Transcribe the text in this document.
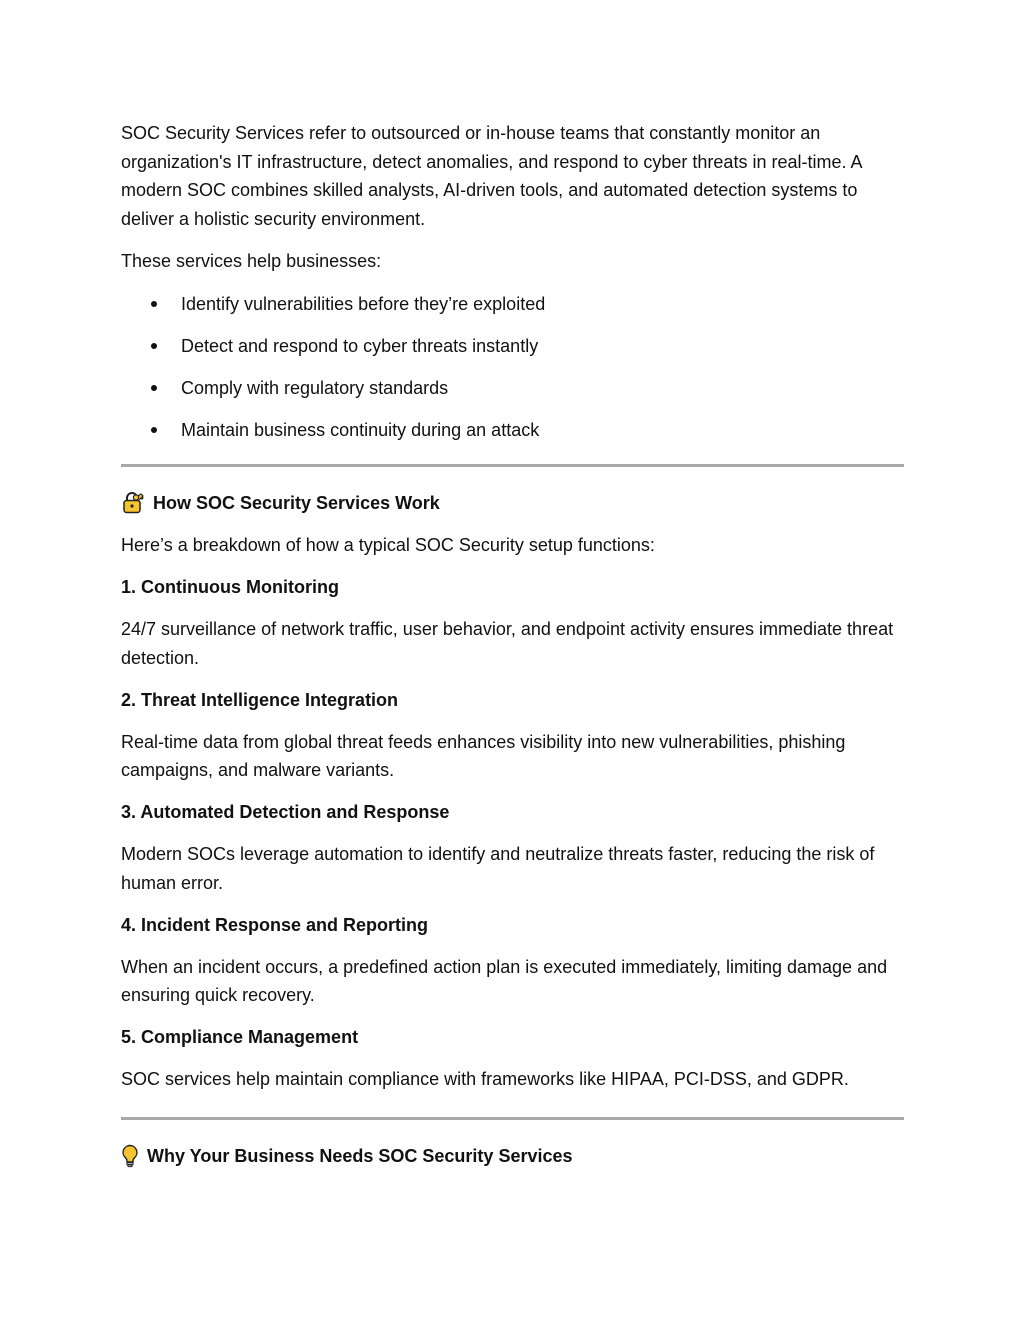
SOC Security Services refer to outsourced or in-house teams that constantly monitor an organization's IT infrastructure, detect anomalies, and respond to cyber threats in real-time. A modern SOC combines skilled analysts, AI-driven tools, and automated detection systems to deliver a holistic security environment.

These services help businesses:

Identify vulnerabilities before they’re exploited
Detect and respond to cyber threats instantly
Comply with regulatory standards
Maintain business continuity during an attack
How SOC Security Services Work

Here’s a breakdown of how a typical SOC Security setup functions:

1. Continuous Monitoring

24/7 surveillance of network traffic, user behavior, and endpoint activity ensures immediate threat detection.

2. Threat Intelligence Integration

Real-time data from global threat feeds enhances visibility into new vulnerabilities, phishing campaigns, and malware variants.

3. Automated Detection and Response

Modern SOCs leverage automation to identify and neutralize threats faster, reducing the risk of human error.

4. Incident Response and Reporting

When an incident occurs, a predefined action plan is executed immediately, limiting damage and ensuring quick recovery.

5. Compliance Management

SOC services help maintain compliance with frameworks like HIPAA, PCI-DSS, and GDPR.

Why Your Business Needs SOC Security Services
